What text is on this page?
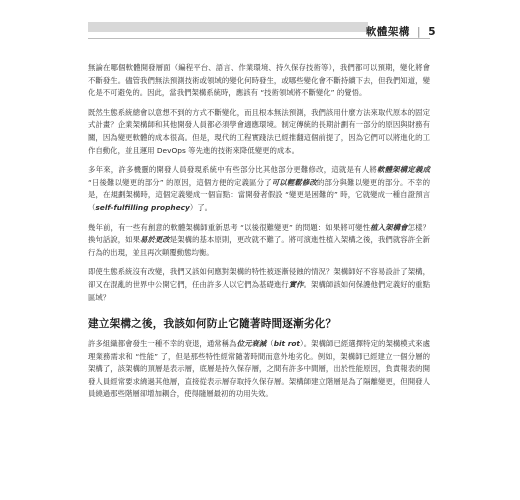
軟體架構 | 5

無論在哪個軟體開發層面（編程平台、語言、作業環境、持久保存技術等），我們都可以預期，變化將會不斷發生。儘管我們無法預測技術或領域的變化何時發生，或哪些變化會不斷持續下去，但我們知道，變化是不可避免的。因此，當我們架構系統時，應該有 “技術領域將不斷變化” 的覺悟。

既然生態系統總會以意想不到的方式不斷變化，而且根本無法預測，我們該用什麼方法來取代原本的固定式計畫？企業架構師和其他開發人員都必須學會適應環境。制定傳統的長期計劃有一部分的原因與財務有關，因為變更軟體的成本很高。但是，現代的工程實踐法已經推翻這個前提了，因為它們可以將進化的工作自動化，並且運用 DevOps 等先進的技術來降低變更的成本。

多年來，許多機靈的開發人員發現系統中有些部分比其他部分更難修改，這就是有人將軟體架構定義成 “日後難以變更的部分” 的原因，這個方便的定義區分了可以輕鬆修改的部分與難以變更的部分。不幸的是，在規劃架構時，這個定義變成一個盲點：當開發者假設 “變更是困難的” 時，它就變成一種自證預言（self-fulfilling prophecy）了。

幾年前，有一些有創意的軟體架構師重新思考 “以後很難變更” 的問題：如果將可變性植入架構會怎樣？換句話說，如果易於更改是架構的基本原則，更改就不難了。將可演進性植入架構之後，我們就容許全新行為的出現，並且再次顛覆動態均衡。

即使生態系統沒有改變，我們又該如何應對架構的特性被逐漸侵蝕的情況？架構師好不容易設計了架構，卻又在混亂的世界中公開它們，任由許多人以它們為基礎進行實作。架構師該如何保護他們定義好的重點區域？

建立架構之後，我該如何防止它隨著時間逐漸劣化？

許多組織都會發生一種不幸的衰退，通常稱為位元衰減（bit rot）。架構師已經選擇特定的架構模式來處理業務需求和 “性能” 了，但是那些特性經常隨著時間而意外地劣化。例如，架構師已經建立一個分層的架構了，該架構的頂層是表示層，底層是持久保存層，之間有許多中間層，出於性能原因，負責報表的開發人員經常要求繞過其他層，直接從表示層存取持久保存層。架構師建立階層是為了隔離變更，但開發人員繞過那些階層卻增加耦合，使得隨層最初的功用失效。
